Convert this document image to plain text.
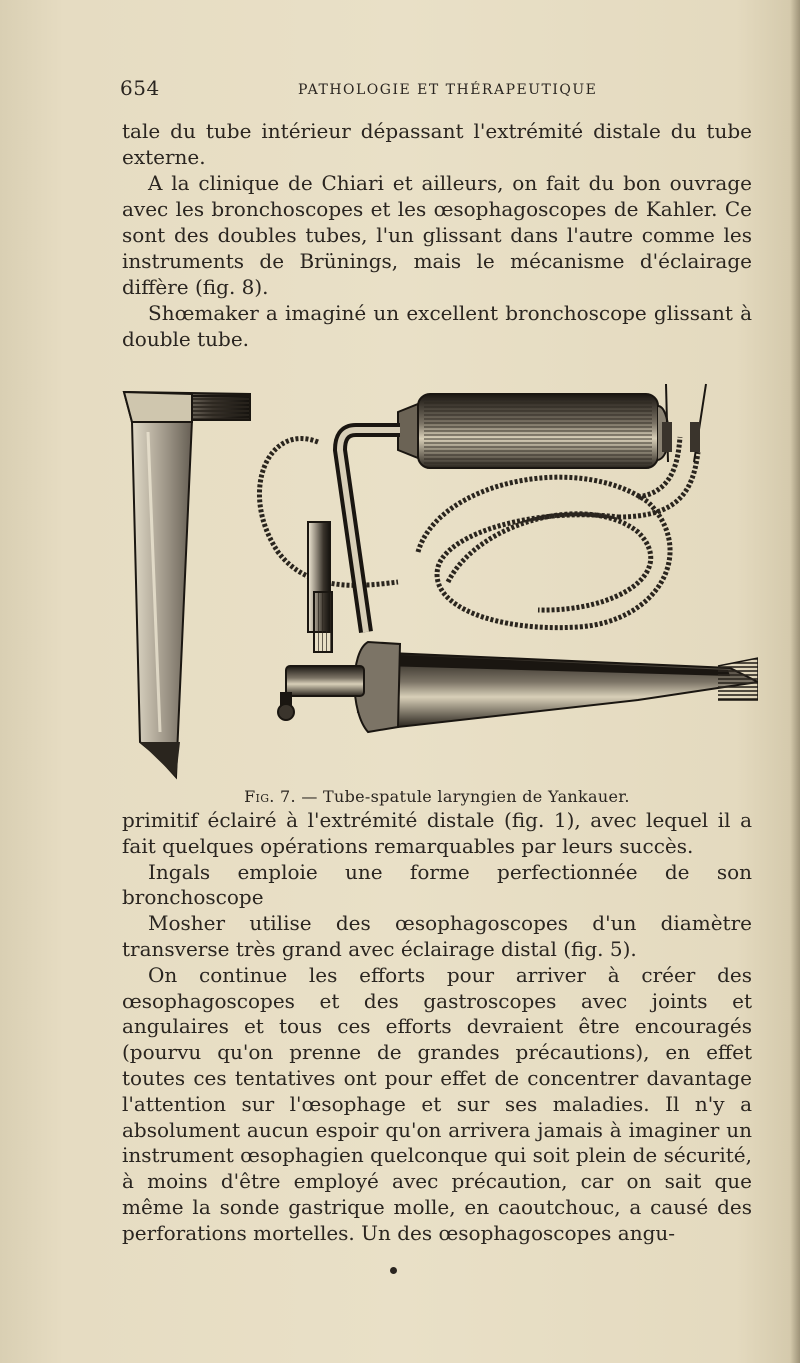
654	PATHOLOGIE ET THÉRAPEUTIQUE

tale du tube intérieur dépassant l'extrémité distale du tube externe.

A la clinique de Chiari et ailleurs, on fait du bon ouvrage avec les bronchoscopes et les œsophagoscopes de Kahler. Ce sont des doubles tubes, l'un glissant dans l'autre comme les instruments de Brünings, mais le mécanisme d'éclairage diffère (fig. 8).

Shœmaker a imaginé un excellent bronchoscope glissant à double tube.

Fig. 7. — Tube-spatule laryngien de Yankauer.

primitif éclairé à l'extrémité distale (fig. 1), avec lequel il a fait quelques opérations remarquables par leurs succès.

Ingals emploie une forme perfectionnée de son bronchoscope

Mosher utilise des œsophagoscopes d'un diamètre transverse très grand avec éclairage distal (fig. 5).

On continue les efforts pour arriver à créer des œsophagoscopes et des gastroscopes avec joints et angulaires et tous ces efforts devraient être encouragés (pourvu qu'on prenne de grandes précautions), en effet toutes ces tentatives ont pour effet de concentrer davantage l'attention sur l'œsophage et sur ses maladies. Il n'y a absolument aucun espoir qu'on arrivera jamais à imaginer un instrument œsophagien quelconque qui soit plein de sécurité, à moins d'être employé avec précaution, car on sait que même la sonde gastrique molle, en caoutchouc, a causé des perforations mortelles. Un des œsophagoscopes angu-
